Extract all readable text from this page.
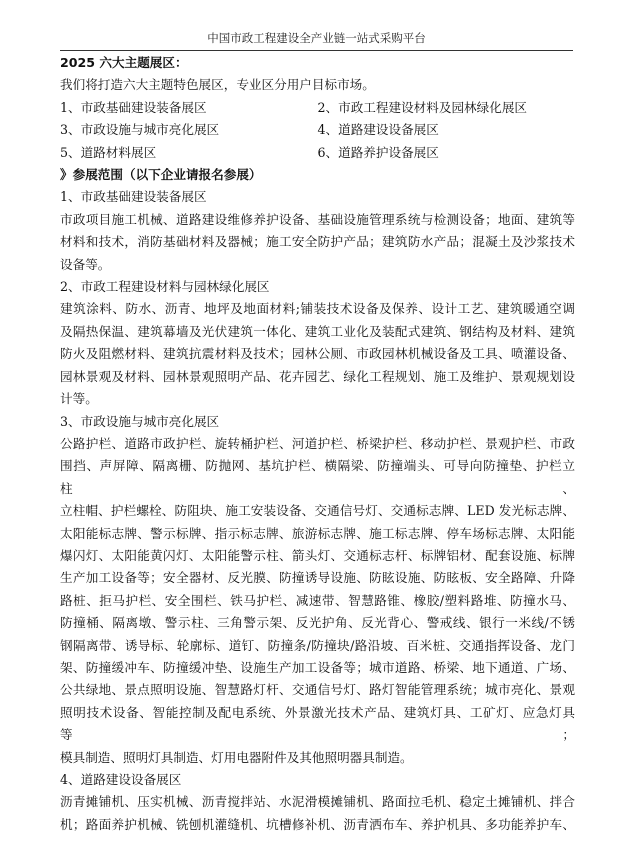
中国市政工程建设全产业链一站式采购平台
2025 六大主题展区：
我们将打造六大主题特色展区，专业区分用户目标市场。
1、市政基础建设装备展区	2、市政工程建设材料及园林绿化展区
3、市政设施与城市亮化展区	4、道路建设设备展区
5、道路材料展区	6、道路养护设备展区
》参展范围（以下企业请报名参展）
1、市政基础建设装备展区
市政项目施工机械、道路建设维修养护设备、基础设施管理系统与检测设备；地面、建筑等
材料和技术，消防基础材料及器械；施工安全防护产品；建筑防水产品；混凝土及沙浆技术
设备等。
2、市政工程建设材料与园林绿化展区
建筑涂料、防水、沥青、地坪及地面材料;铺装技术设备及保养、设计工艺、建筑暖通空调
及隔热保温、建筑幕墙及光伏建筑一体化、建筑工业化及装配式建筑、钢结构及材料、建筑
防火及阻燃材料、建筑抗震材料及技术；园林公厕、市政园林机械设备及工具、喷灌设备、
园林景观及材料、园林景观照明产品、花卉园艺、绿化工程规划、施工及维护、景观规划设
计等。
3、市政设施与城市亮化展区
公路护栏、道路市政护栏、旋转桶护栏、河道护栏、桥梁护栏、移动护栏、景观护栏、市政
围挡、声屏障、隔离栅、防抛网、基坑护栏、横隔梁、防撞端头、可导向防撞垫、护栏立柱、
立柱帽、护栏螺栓、防阻块、施工安装设备、交通信号灯、交通标志牌、LED 发光标志牌、
太阳能标志牌、警示标牌、指示标志牌、旅游标志牌、施工标志牌、停车场标志牌、太阳能
爆闪灯、太阳能黄闪灯、太阳能警示柱、箭头灯、交通标志杆、标牌铝材、配套设施、标牌
生产加工设备等；安全器材、反光膜、防撞诱导设施、防眩设施、防眩板、安全路障、升降
路桩、拒马护栏、安全围栏、铁马护栏、减速带、智慧路锥、橡胶/塑料路堆、防撞水马、
防撞桶、隔离墩、警示柱、三角警示架、反光护角、反光背心、警戒线、银行一米线/不锈
钢隔离带、诱导标、轮廓标、道钉、防撞条/防撞块/路沿坡、百米桩、交通指挥设备、龙门
架、防撞缓冲车、防撞缓冲垫、设施生产加工设备等；城市道路、桥梁、地下通道、广场、
公共绿地、景点照明设施、智慧路灯杆、交通信号灯、路灯智能管理系统；城市亮化、景观
照明技术设备、智能控制及配电系统、外景激光技术产品、建筑灯具、工矿灯、应急灯具等；
模具制造、照明灯具制造、灯用电器附件及其他照明器具制造。
4、道路建设设备展区
沥青摊铺机、压实机械、沥青搅拌站、水泥滑模摊铺机、路面拉毛机、稳定土摊铺机、拌合
机；路面养护机械、铣刨机灌缝机、坑槽修补机、沥青洒布车、养护机具、多功能养护车、
